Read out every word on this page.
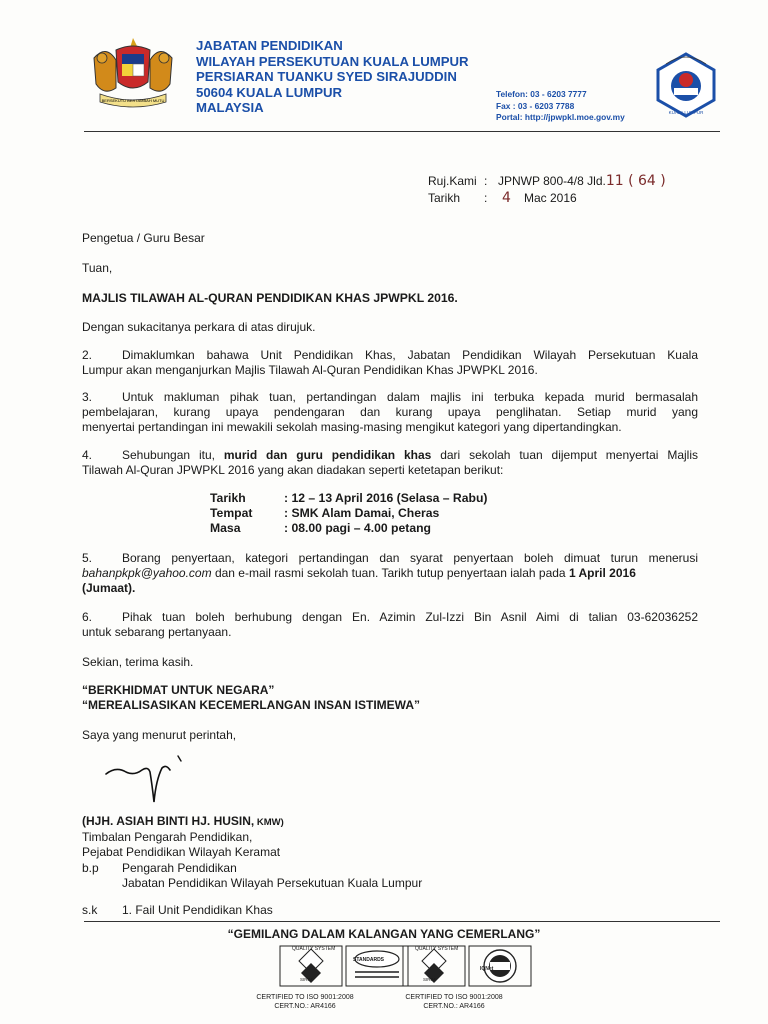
BERSEKUTU BERTAMBAH MUTU
JABATAN PENDIDIKAN
WILAYAH PERSEKUTUAN KUALA LUMPUR
PERSIARAN TUANKU SYED SIRAJUDDIN
50604 KUALA LUMPUR
MALAYSIA
Telefon: 03 - 6203 7777
Fax : 03 - 6203 7788
Portal: http://jpwpkl.moe.gov.my	KUALA LUMPUR
Ruj.Kami : JPNWP 800-4/8 Jld. 11 ( 64 )
Tarikh	:	4	Mac 2016
Pengetua / Guru Besar
Tuan,
MAJLIS TILAWAH AL-QURAN PENDIDIKAN KHAS JPWPKL 2016.
Dengan sukacitanya perkara di atas dirujuk.
2. Dimaklumkan bahawa Unit Pendidikan Khas, Jabatan Pendidikan Wilayah Persekutuan Kuala
Lumpur akan menganjurkan Majlis Tilawah Al-Quran Pendidikan Khas JPWPKL 2016.
3. Untuk makluman pihak tuan, pertandingan dalam majlis ini terbuka kepada murid bermasalah
pembelajaran, kurang upaya pendengaran dan kurang upaya penglihatan. Setiap murid yang
menyertai pertandingan ini mewakili sekolah masing-masing mengikut kategori yang dipertandingkan.
4. Sehubungan itu, murid dan guru pendidikan khas dari sekolah tuan dijemput menyertai Majlis
Tilawah Al-Quran JPWPKL 2016 yang akan diadakan seperti ketetapan berikut:
Tarikh	: 12 – 13 April 2016 (Selasa – Rabu)
Tempat	: SMK Alam Damai, Cheras
Masa	: 08.00 pagi – 4.00 petang
5. Borang penyertaan, kategori pertandingan dan syarat penyertaan boleh dimuat turun menerusi
bahanpkpk@yahoo.com dan e-mail rasmi sekolah tuan. Tarikh tutup penyertaan ialah pada 1 April 2016
(Jumaat).
6. Pihak tuan boleh berhubung dengan En. Azimin Zul-Izzi Bin Asnil Aimi di talian 03-62036252
untuk sebarang pertanyaan.
Sekian, terima kasih.
“BERKHIDMAT UNTUK NEGARA”
“MEREALISASIKAN KECEMERLANGAN INSAN ISTIMEWA”
Saya yang menurut perintah,
(HJH. ASIAH BINTI HJ. HUSIN, KMW)
Timbalan Pengarah Pendidikan,
Pejabat Pendidikan Wilayah Keramat
b.p	Pengarah Pendidikan
Jabatan Pendidikan Wilayah Persekutuan Kuala Lumpur
s.k	1. Fail Unit Pendidikan Khas
“GEMILANG DALAM KALANGAN YANG CEMERLANG”
QUALITY SYSTEM
STANDARDS
SIRIM
QUALITY SYSTEM
IQNet
SIRIM
CERTIFIED TO ISO 9001:2008
CERT.NO.: AR4166
CERTIFIED TO ISO 9001:2008
CERT.NO.: AR4166
